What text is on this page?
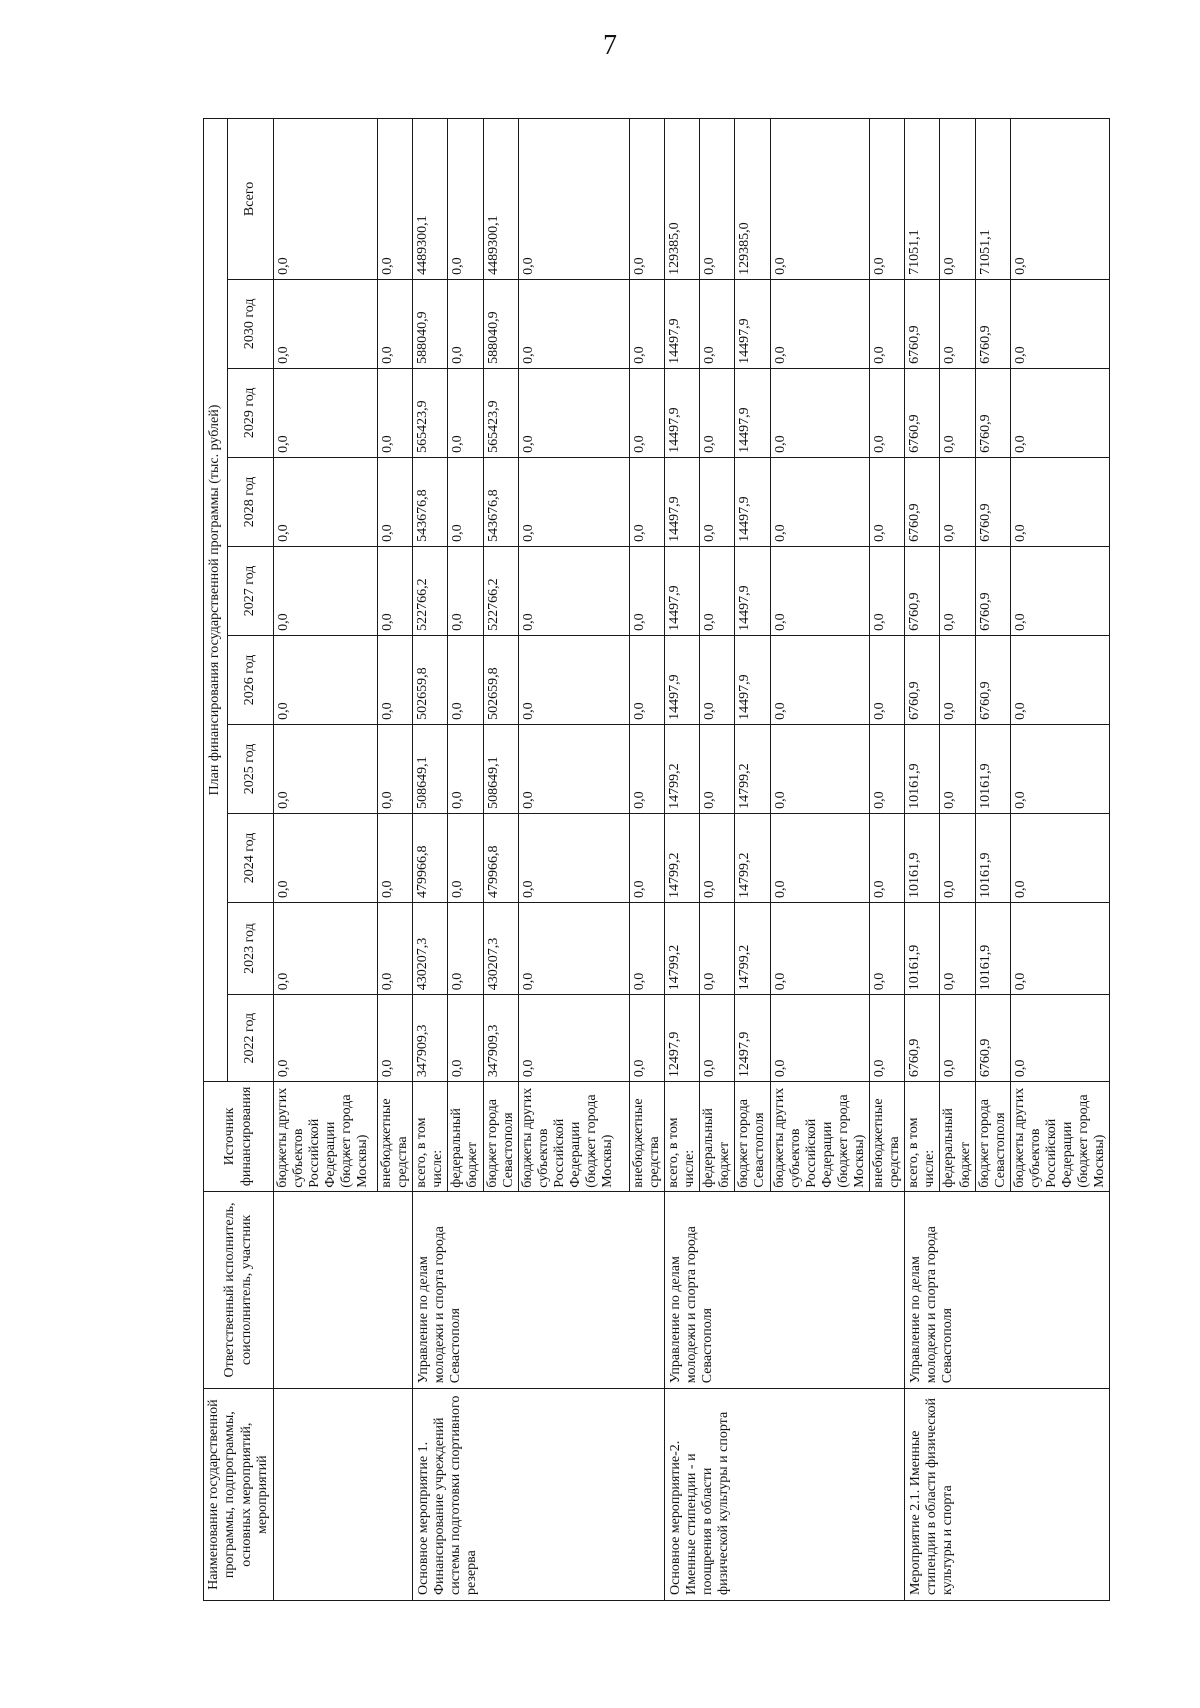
7
Наименование государственной программы, подпрограммы, основных мероприятий, мероприятий	Ответственный исполнитель, соисполнитель, участник	Источник финансирования	План финансирования государственной программы (тыс. рублей)									
			2022 год	2023 год	2024 год	2025 год	2026 год	2027 год	2028 год	2029 год	2030 год	Всего
		бюджеты других субъектов Российской Федерации (бюджет города Москвы)	0,0	0,0	0,0	0,0	0,0	0,0	0,0	0,0	0,0	0,0
		внебюджетные средства	0,0	0,0	0,0	0,0	0,0	0,0	0,0	0,0	0,0	0,0
Основное мероприятие 1. Финансирование учреждений системы подготовки спортивного резерва	Управление по делам молодежи и спорта города Севастополя	всего, в том числе:	347909,3	430207,3	479966,8	508649,1	502659,8	522766,2	543676,8	565423,9	588040,9	4489300,1
		федеральный бюджет	0,0	0,0	0,0	0,0	0,0	0,0	0,0	0,0	0,0	0,0
		бюджет города Севастополя	347909,3	430207,3	479966,8	508649,1	502659,8	522766,2	543676,8	565423,9	588040,9	4489300,1
		бюджеты других субъектов Российской Федерации (бюджет города Москвы)	0,0	0,0	0,0	0,0	0,0	0,0	0,0	0,0	0,0	0,0
		внебюджетные средства	0,0	0,0	0,0	0,0	0,0	0,0	0,0	0,0	0,0	0,0
Основное мероприятие-2. Именные стипендии - и поощрения в области физической культуры и спорта	Управление по делам молодежи и спорта города Севастополя	всего, в том числе:	12497,9	14799,2	14799,2	14799,2	14497,9	14497,9	14497,9	14497,9	14497,9	129385,0
		федеральный бюджет	0,0	0,0	0,0	0,0	0,0	0,0	0,0	0,0	0,0	0,0
		бюджет города Севастополя	12497,9	14799,2	14799,2	14799,2	14497,9	14497,9	14497,9	14497,9	14497,9	129385,0
		бюджеты других субъектов Российской Федерации (бюджет города Москвы)	0,0	0,0	0,0	0,0	0,0	0,0	0,0	0,0	0,0	0,0
		внебюджетные средства	0,0	0,0	0,0	0,0	0,0	0,0	0,0	0,0	0,0	0,0
Мероприятие 2.1. Именные стипендии в области физической культуры и спорта	Управление по делам молодежи и спорта города Севастополя	всего, в том числе:	6760,9	10161,9	10161,9	10161,9	6760,9	6760,9	6760,9	6760,9	6760,9	71051,1
		федеральный бюджет	0,0	0,0	0,0	0,0	0,0	0,0	0,0	0,0	0,0	0,0
		бюджет города Севастополя	6760,9	10161,9	10161,9	10161,9	6760,9	6760,9	6760,9	6760,9	6760,9	71051,1
		бюджеты других субъектов Российской Федерации (бюджет города Москвы)	0,0	0,0	0,0	0,0	0,0	0,0	0,0	0,0	0,0	0,0
